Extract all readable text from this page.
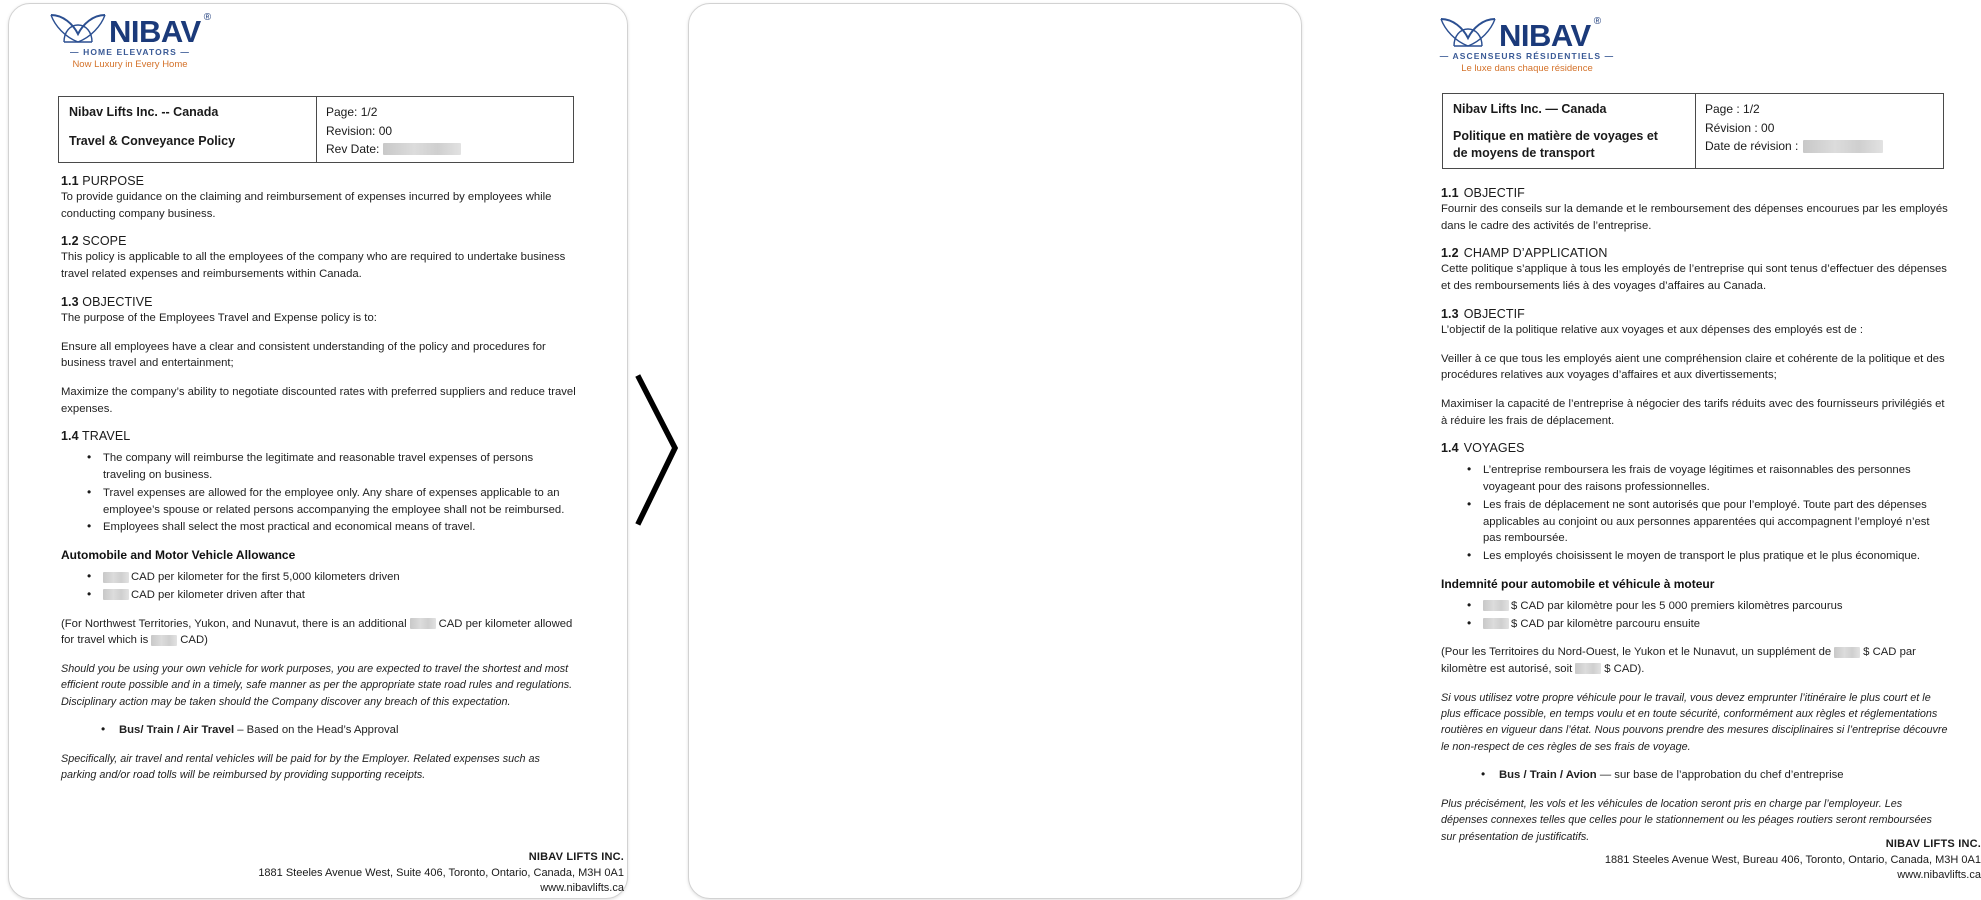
NIBAV ®
— HOME ELEVATORS —
Now Luxury in Every Home
Nibav Lifts Inc. -- Canada
Travel & Conveyance Policy
Page: 1/2
Revision: 00
Rev Date:
1.1 PURPOSE

To provide guidance on the claiming and reimbursement of expenses incurred by employees while conducting company business.

1.2 SCOPE

This policy is applicable to all the employees of the company who are required to undertake business travel related expenses and reimbursements within Canada.

1.3 OBJECTIVE

The purpose of the Employees Travel and Expense policy is to:

Ensure all employees have a clear and consistent understanding of the policy and procedures for business travel and entertainment;

Maximize the company’s ability to negotiate discounted rates with preferred suppliers and reduce travel expenses.

1.4 TRAVEL
• The company will reimburse the legitimate and reasonable travel expenses of persons traveling on business.
• Travel expenses are allowed for the employee only. Any share of expenses applicable to an employee’s spouse or related persons accompanying the employee shall not be reimbursed.
• Employees shall select the most practical and economical means of travel.
Automobile and Motor Vehicle Allowance
• CAD per kilometer for the first 5,000 kilometers driven
• CAD per kilometer driven after that

(For Northwest Territories, Yukon, and Nunavut, there is an additional	CAD per kilometer allowed for travel which is	CAD)

Should you be using your own vehicle for work purposes, you are expected to travel the shortest and most efficient route possible and in a timely, safe manner as per the appropriate state road rules and regulations. Disciplinary action may be taken should the Company discover any breach of this expectation.

• Bus/ Train / Air Travel – Based on the Head’s Approval

Specifically, air travel and rental vehicles will be paid for by the Employer. Related expenses such as parking and/or road tolls will be reimbursed by providing supporting receipts.

NIBAV LIFTS INC.
1881 Steeles Avenue West, Suite 406, Toronto, Ontario, Canada, M3H 0A1
www.nibavlifts.ca
NIBAV ®
— ASCENSEURS RÉSIDENTIELS —
Le luxe dans chaque résidence
Nibav Lifts Inc. — Canada
Politique en matière de voyages et
de moyens de transport
Page : 1/2
Révision : 00
Date de révision :
1.1 OBJECTIF

Fournir des conseils sur la demande et le remboursement des dépenses encourues par les employés dans le cadre des activités de l’entreprise.

1.2 CHAMP D’APPLICATION

Cette politique s’applique à tous les employés de l’entreprise qui sont tenus d’effectuer des dépenses et des remboursements liés à des voyages d’affaires au Canada.

1.3 OBJECTIF

L’objectif de la politique relative aux voyages et aux dépenses des employés est de :

Veiller à ce que tous les employés aient une compréhension claire et cohérente de la politique et des procédures relatives aux voyages d’affaires et aux divertissements;

Maximiser la capacité de l’entreprise à négocier des tarifs réduits avec des fournisseurs privilégiés et à réduire les frais de déplacement.

1.4 VOYAGES
• L’entreprise remboursera les frais de voyage légitimes et raisonnables des personnes voyageant pour des raisons professionnelles.
• Les frais de déplacement ne sont autorisés que pour l’employé. Toute part des dépenses applicables au conjoint ou aux personnes apparentées qui accompagnent l’employé n’est pas remboursée.
• Les employés choisissent le moyen de transport le plus pratique et le plus économique.
Indemnité pour automobile et véhicule à moteur
• $ CAD par kilomètre pour les 5 000 premiers kilomètres parcourus
• $ CAD par kilomètre parcouru ensuite

(Pour les Territoires du Nord-Ouest, le Yukon et le Nunavut, un supplément de	$ CAD par kilomètre est autorisé, soit	$ CAD).

Si vous utilisez votre propre véhicule pour le travail, vous devez emprunter l’itinéraire le plus court et le plus efficace possible, en temps voulu et en toute sécurité, conformément aux règles et réglementations routières en vigueur dans l’état. Nous pouvons prendre des mesures disciplinaires si l’entreprise découvre le non-respect de ces règles de ses frais de voyage.

• Bus / Train / Avion — sur base de l’approbation du chef d’entreprise

Plus précisément, les vols et les véhicules de location seront pris en charge par l’employeur. Les dépenses connexes telles que celles pour le stationnement ou les péages routiers seront remboursées sur présentation de justificatifs.

NIBAV LIFTS INC.
1881 Steeles Avenue West, Bureau 406, Toronto, Ontario, Canada, M3H 0A1
www.nibavlifts.ca
